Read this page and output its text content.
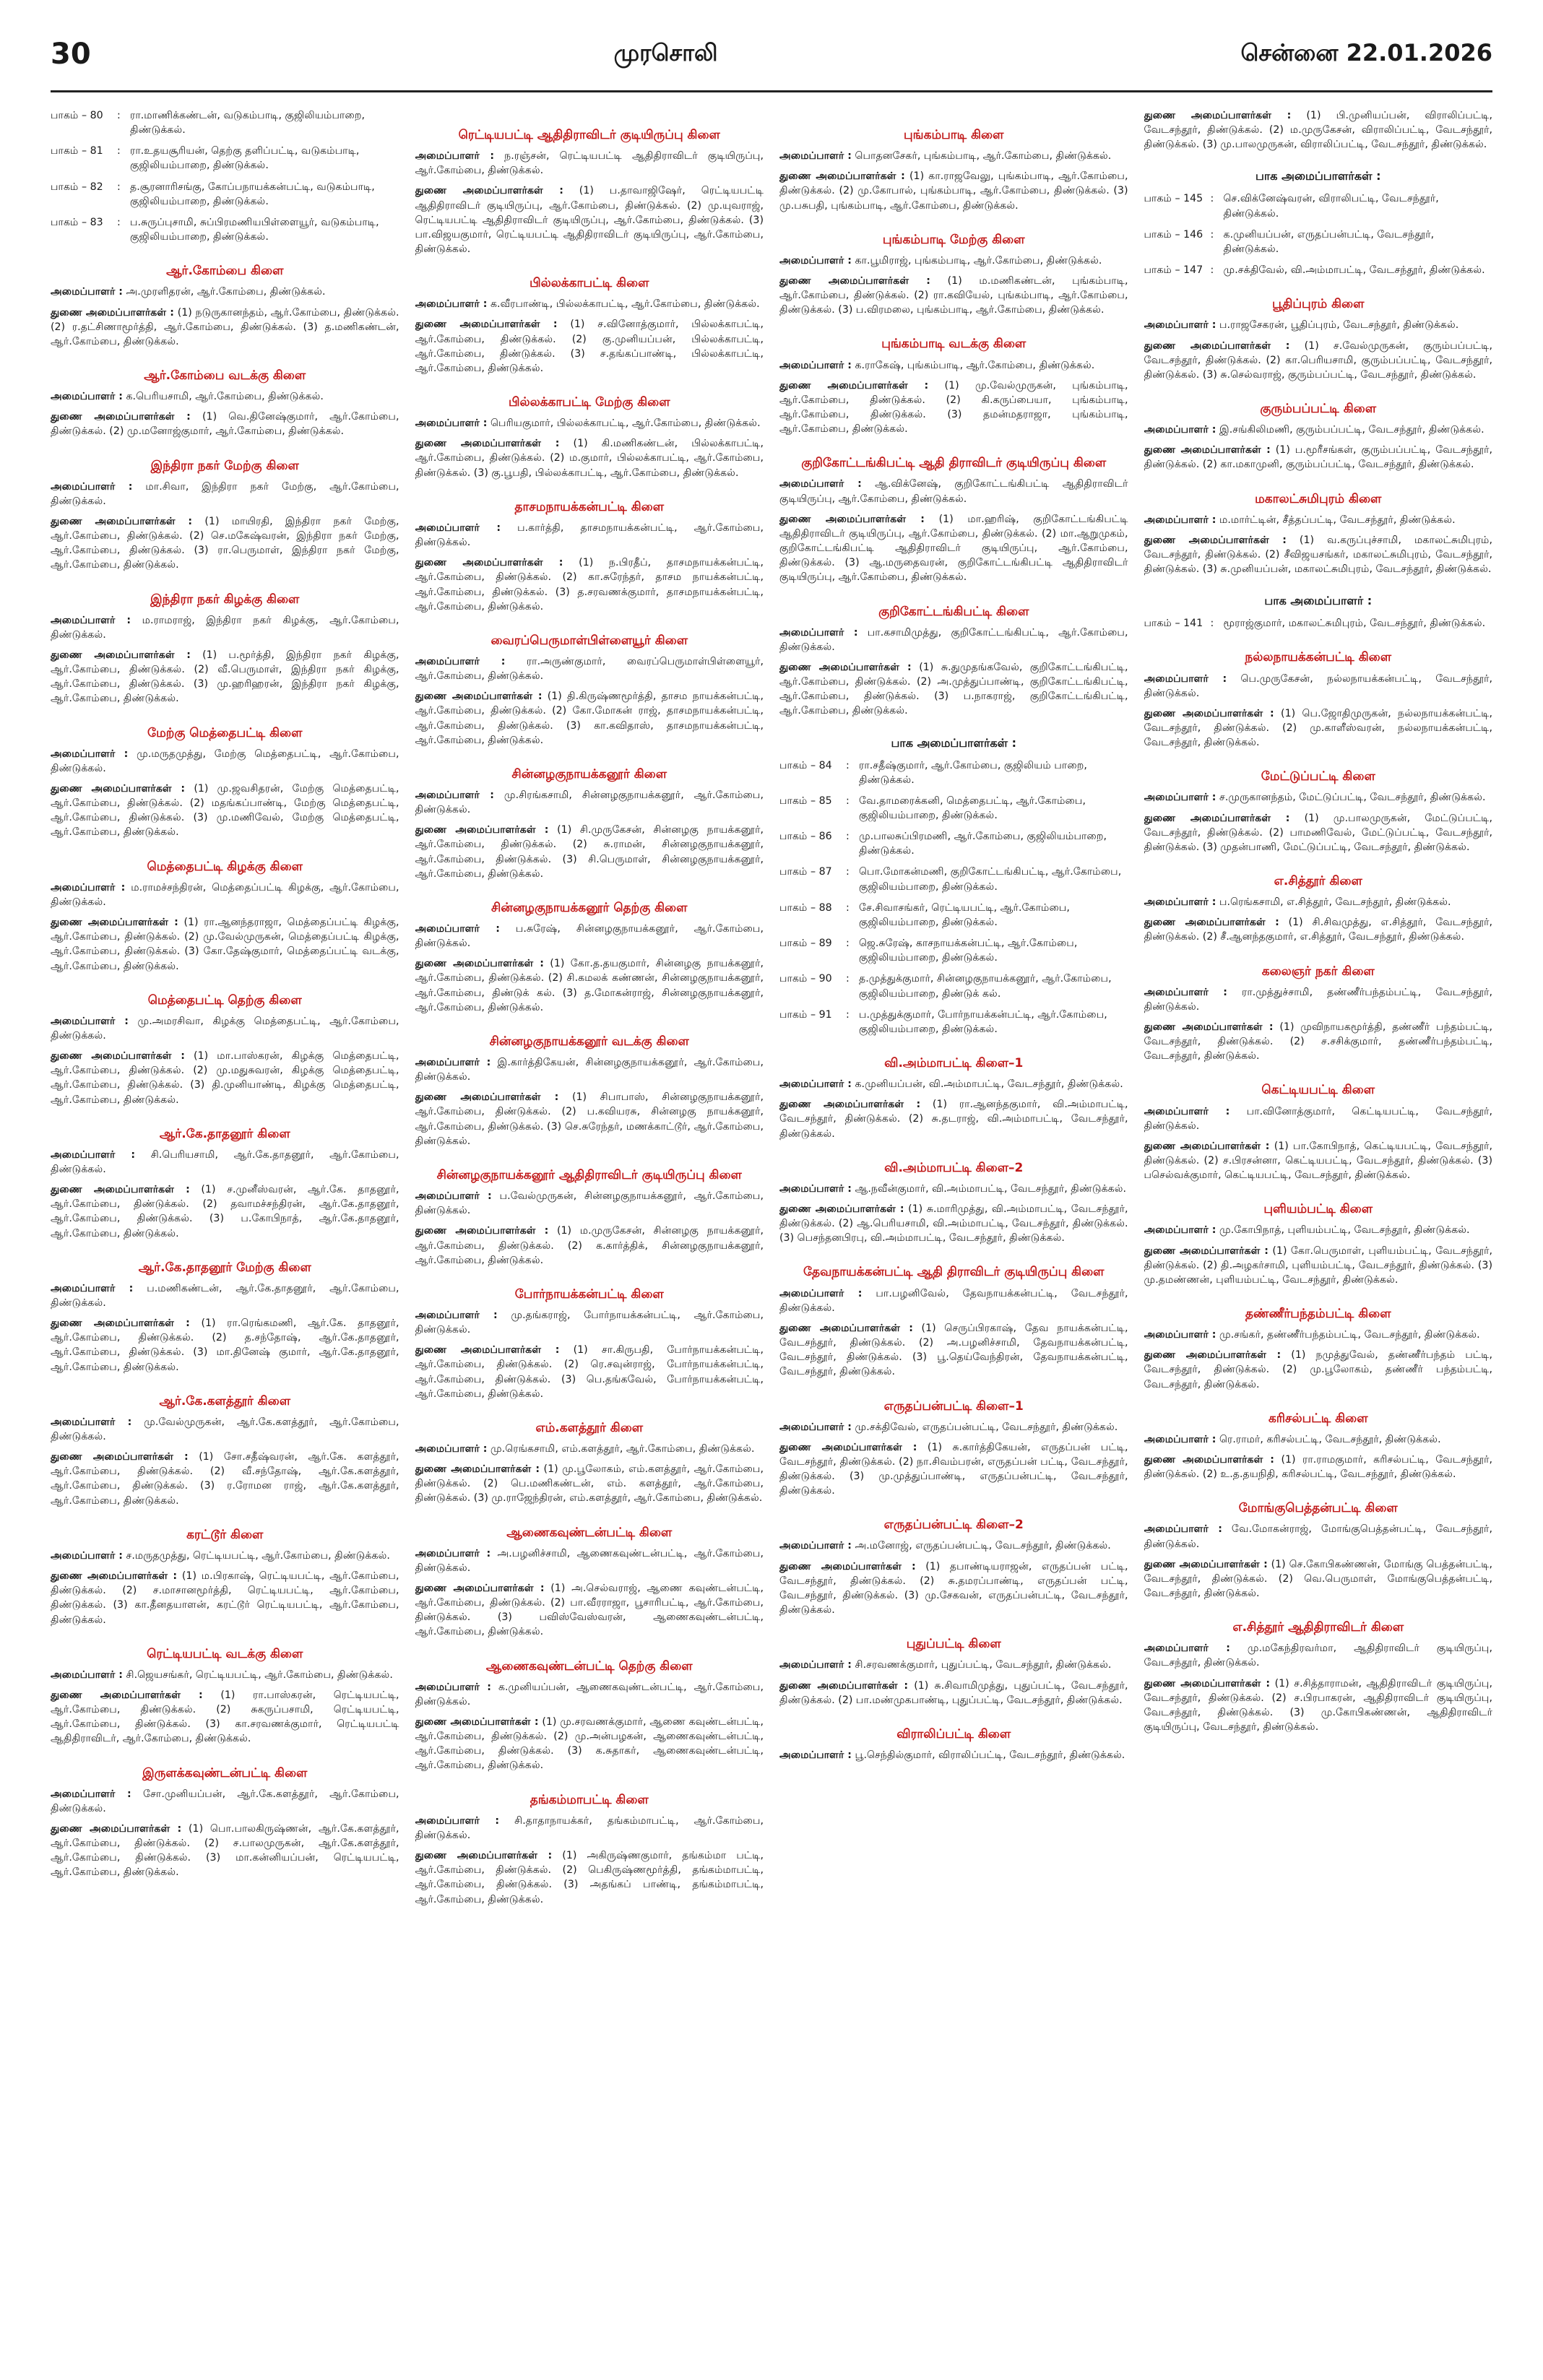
30	முரசொலி	சென்னை 22.01.2026
பாகம் – 80	: ரா.மாணிக்கண்டன், வடுகம்பாடி, குஜிலியம்பாறை, திண்டுக்கல்.
பாகம் – 81	: ரா.உதயசூரியன், தெற்கு தளிப்பட்டி, வடுகம்பாடி, குஜிலியம்பாறை, திண்டுக்கல்.
பாகம் – 82	: த.சூரனாரிசங்கு, கோப்பநாயக்கன்பட்டி, வடுகம்பாடி, குஜிலியம்பாறை, திண்டுக்கல்.
பாகம் – 83	: ப.சுருப்புசாமி, சுப்பிரமணியபிள்ளையூர், வடுகம்பாடி, குஜிலியம்பாறை, திண்டுக்கல்.
ஆர்.கோம்பை கிளை
அமைப்பாளர் : அ.முரளிதரன், ஆர்.கோம்பை, திண்டுக்கல்.
துணை அமைப்பாளர்கள் : (1) நடுருகானந்தம், ஆர்.கோம்பை, திண்டுக்கல். (2) ர.தட்சிணாமூர்த்தி, ஆர்.கோம்பை, திண்டுக்கல். (3) த.மணிகண்டன், ஆர்.கோம்பை, திண்டுக்கல்.
ஆர்.கோம்பை வடக்கு கிளை
அமைப்பாளர் : க.பெரியசாமி, ஆர்.கோம்பை, திண்டுக்கல்.
துணை அமைப்பாளர்கள் : (1) வெ.தினேஷ்குமார், ஆர்.கோம்பை, திண்டுக்கல். (2) மு.மனோஜ்குமார், ஆர்.கோம்பை, திண்டுக்கல்.
இந்திரா நகர் மேற்கு கிளை
அமைப்பாளர் : மா.சிவா, இந்திரா நகர் மேற்கு, ஆர்.கோம்பை, திண்டுக்கல்.
துணை அமைப்பாளர்கள் : (1) மாயிரதி, இந்திரா நகர் மேற்கு, ஆர்.கோம்பை, திண்டுக்கல். (2) செ.மகேஷ்வரன், இந்திரா நகர் மேற்கு, ஆர்.கோம்பை, திண்டுக்கல். (3) ரா.பெருமாள், இந்திரா நகர் மேற்கு, ஆர்.கோம்பை, திண்டுக்கல்.
இந்திரா நகர் கிழக்கு கிளை
அமைப்பாளர் : ம.ராமராஜ், இந்திரா நகர் கிழக்கு, ஆர்.கோம்பை, திண்டுக்கல்.
துணை அமைப்பாளர்கள் : (1) ப.மூர்த்தி, இந்திரா நகர் கிழக்கு, ஆர்.கோம்பை, திண்டுக்கல். (2) வீ.பெருமாள், இந்திரா நகர் கிழக்கு, ஆர்.கோம்பை, திண்டுக்கல். (3) மு.ஹரிஹரன், இந்திரா நகர் கிழக்கு, ஆர்.கோம்பை, திண்டுக்கல்.
மேற்கு மெத்தைபட்டி கிளை
அமைப்பாளர் : மு.மருதமுத்து, மேற்கு மெத்தைபட்டி, ஆர்.கோம்பை, திண்டுக்கல்.
துணை அமைப்பாளர்கள் : (1) மு.ஜவசிதரன், மேற்கு மெத்தைபட்டி, ஆர்.கோம்பை, திண்டுக்கல். (2) மதங்கப்பாண்டி, மேற்கு மெத்தைபட்டி, ஆர்.கோம்பை, திண்டுக்கல். (3) மு.மணிவேல், மேற்கு மெத்தைபட்டி, ஆர்.கோம்பை, திண்டுக்கல்.
மெத்தைபட்டி கிழக்கு கிளை
அமைப்பாளர் : ம.ராமச்சந்திரன், மெத்தைப்பட்டி கிழக்கு, ஆர்.கோம்பை, திண்டுக்கல்.
துணை அமைப்பாளர்கள் : (1) ரா.ஆனந்தராஜா, மெத்தைப்பட்டி கிழக்கு, ஆர்.கோம்பை, திண்டுக்கல். (2) மு.வேல்முருகன், மெத்தைப்பட்டி கிழக்கு, ஆர்.கோம்பை, திண்டுக்கல். (3) கோ.தேஷ்குமார், மெத்தைப்பட்டி வடக்கு, ஆர்.கோம்பை, திண்டுக்கல்.
மெத்தைபட்டி தெற்கு கிளை
அமைப்பாளர் : மு.அமரசிவா, கிழக்கு மெத்தைபட்டி, ஆர்.கோம்பை, திண்டுக்கல்.
துணை அமைப்பாளர்கள் : (1) மா.பாஸ்கரன், கிழக்கு மெத்தைபட்டி, ஆர்.கோம்பை, திண்டுக்கல். (2) மு.மதுசுவரன், கிழக்கு மெத்தைபட்டி, ஆர்.கோம்பை, திண்டுக்கல். (3) தி.முனியாண்டி, கிழக்கு மெத்தைபட்டி, ஆர்.கோம்பை, திண்டுக்கல்.
ஆர்.கே.தாதனூர் கிளை
அமைப்பாளர் : சி.பெரியசாமி, ஆர்.கே.தாதனூர், ஆர்.கோம்பை, திண்டுக்கல்.
துணை அமைப்பாளர்கள் : (1) ச.முனீஸ்வரன், ஆர்.கே. தாதனூர், ஆர்.கோம்பை, திண்டுக்கல். (2) தவாமச்சந்திரன், ஆர்.கே.தாதனூர், ஆர்.கோம்பை, திண்டுக்கல். (3) ப.கோபிநாத், ஆர்.கே.தாதனூர், ஆர்.கோம்பை, திண்டுக்கல்.
ஆர்.கே.தாதனூர் மேற்கு கிளை
அமைப்பாளர் : ப.மணிகண்டன், ஆர்.கே.தாதனூர், ஆர்.கோம்பை, திண்டுக்கல்.
துணை அமைப்பாளர்கள் : (1) ரா.ரெங்கமணி, ஆர்.கே. தாதனூர், ஆர்.கோம்பை, திண்டுக்கல். (2) த.சந்தோஷ், ஆர்.கே.தாதனூர், ஆர்.கோம்பை, திண்டுக்கல். (3) மா.தினேஷ் குமார், ஆர்.கே.தாதனூர், ஆர்.கோம்பை, திண்டுக்கல்.
ஆர்.கே.களத்தூர் கிளை
அமைப்பாளர் : மு.வேல்முருகன், ஆர்.கே.களத்தூர், ஆர்.கோம்பை, திண்டுக்கல்.
துணை அமைப்பாளர்கள் : (1) சோ.சதீஷ்வரன், ஆர்.கே. களத்தூர், ஆர்.கோம்பை, திண்டுக்கல். (2) வீ.சந்தோஷ், ஆர்.கே.களத்தூர், ஆர்.கோம்பை, திண்டுக்கல். (3) ர.ரோமன ராஜ், ஆர்.கே.களத்தூர், ஆர்.கோம்பை, திண்டுக்கல்.
கரட்டூர் கிளை
அமைப்பாளர் : ச.மருதமுத்து, ரெட்டியபட்டி, ஆர்.கோம்பை, திண்டுக்கல்.
துணை அமைப்பாளர்கள் : (1) ம.பிரகாஷ், ரெட்டியபட்டி, ஆர்.கோம்பை, திண்டுக்கல். (2) ச.மாசானமூர்த்தி, ரெட்டியபட்டி, ஆர்.கோம்பை, திண்டுக்கல். (3) கா.தீனதயாளன், கரட்டூர் ரெட்டியபட்டி, ஆர்.கோம்பை, திண்டுக்கல்.
ரெட்டியபட்டி வடக்கு கிளை
அமைப்பாளர் : சி.ஜெயசங்கர், ரெட்டியபட்டி, ஆர்.கோம்பை, திண்டுக்கல்.
துணை அமைப்பாளர்கள் : (1) ரா.பாஸ்கரன், ரெட்டியபட்டி, ஆர்.கோம்பை, திண்டுக்கல். (2) சுகருப்பசாமி, ரெட்டியபட்டி, ஆர்.கோம்பை, திண்டுக்கல். (3) கா.சரவணக்குமார், ரெட்டியபட்டி ஆதிதிராவிடர், ஆர்.கோம்பை, திண்டுக்கல்.
இருளக்கவுண்டன்பட்டி கிளை
அமைப்பாளர் : சோ.முனியப்பன், ஆர்.கே.களத்தூர், ஆர்.கோம்பை, திண்டுக்கல்.
துணை அமைப்பாளர்கள் : (1) பொ.பாலகிருஷ்ணன், ஆர்.கே.களத்தூர், ஆர்.கோம்பை, திண்டுக்கல். (2) ச.பாலமுருகன், ஆர்.கே.களத்தூர், ஆர்.கோம்பை, திண்டுக்கல். (3) மா.கன்னியப்பன், ரெட்டியபட்டி, ஆர்.கோம்பை, திண்டுக்கல்.
ரெட்டியபட்டி ஆதிதிராவிடர் குடியிருப்பு கிளை
அமைப்பாளர் : ந.ரஞ்சன், ரெட்டியபட்டி ஆதிதிராவிடர் குடியிருப்பு, ஆர்.கோம்பை, திண்டுக்கல்.
துணை அமைப்பாளர்கள் : (1) ப.தாவாஜிஷேர், ரெட்டியபட்டி ஆதிதிராவிடர் குடியிருப்பு, ஆர்.கோம்பை, திண்டுக்கல். (2) மு.யுவராஜ், ரெட்டியபட்டி ஆதிதிராவிடர் குடியிருப்பு, ஆர்.கோம்பை, திண்டுக்கல். (3) பா.விஜயகுமார், ரெட்டியபட்டி ஆதிதிராவிடர் குடியிருப்பு, ஆர்.கோம்பை, திண்டுக்கல்.
பில்லக்காபட்டி கிளை
அமைப்பாளர் : க.வீரபாண்டி, பில்லக்காபட்டி, ஆர்.கோம்பை, திண்டுக்கல்.
துணை அமைப்பாளர்கள் : (1) ச.வினோத்குமார், பில்லக்காபட்டி, ஆர்.கோம்பை, திண்டுக்கல். (2) கு.முனியப்பன், பில்லக்காபட்டி, ஆர்.கோம்பை, திண்டுக்கல். (3) ச.தங்கப்பாண்டி, பில்லக்காபட்டி, ஆர்.கோம்பை, திண்டுக்கல்.
பில்லக்காபட்டி மேற்கு கிளை
அமைப்பாளர் : பெரியகுமார், பில்லக்காபட்டி, ஆர்.கோம்பை, திண்டுக்கல்.
துணை அமைப்பாளர்கள் : (1) கி.மணிகண்டன், பில்லக்காபட்டி, ஆர்.கோம்பை, திண்டுக்கல். (2) ம.குமார், பில்லக்காபட்டி, ஆர்.கோம்பை, திண்டுக்கல். (3) கு.பூபதி, பில்லக்காபட்டி, ஆர்.கோம்பை, திண்டுக்கல்.
தாசமநாயக்கன்பட்டி கிளை
அமைப்பாளர் : ப.கார்த்தி, தாசமநாயக்கன்பட்டி, ஆர்.கோம்பை, திண்டுக்கல்.
துணை அமைப்பாளர்கள் : (1) ந.பிரதீப், தாசமநாயக்கன்பட்டி, ஆர்.கோம்பை, திண்டுக்கல். (2) கா.சுரேந்தர், தாசம நாயக்கன்பட்டி, ஆர்.கோம்பை, திண்டுக்கல். (3) த.சரவணக்குமார், தாசமநாயக்கன்பட்டி, ஆர்.கோம்பை, திண்டுக்கல்.
வைரப்பெருமாள்பிள்ளையூர் கிளை
அமைப்பாளர் : ரா.அருண்குமார், வைரப்பெருமாள்பிள்ளையூர், ஆர்.கோம்பை, திண்டுக்கல்.
துணை அமைப்பாளர்கள் : (1) தி.கிருஷ்ணமூர்த்தி, தாசம நாயக்கன்பட்டி, ஆர்.கோம்பை, திண்டுக்கல். (2) கோ.மோகன் ராஜ், தாசமநாயக்கன்பட்டி, ஆர்.கோம்பை, திண்டுக்கல். (3) கா.கவிதாஸ், தாசமநாயக்கன்பட்டி, ஆர்.கோம்பை, திண்டுக்கல்.
சின்னழகுநாயக்கனூர் கிளை
அமைப்பாளர் : மு.சிரங்கசாமி, சின்னழகுநாயக்கனூர், ஆர்.கோம்பை, திண்டுக்கல்.
துணை அமைப்பாளர்கள் : (1) சி.முருகேசன், சின்னழகு நாயக்கனூர், ஆர்.கோம்பை, திண்டுக்கல். (2) சு.ராமன், சின்னழகுநாயக்கனூர், ஆர்.கோம்பை, திண்டுக்கல். (3) சி.பெருமாள், சின்னழகுநாயக்கனூர், ஆர்.கோம்பை, திண்டுக்கல்.
சின்னழகுநாயக்கனூர் தெற்கு கிளை
அமைப்பாளர் : ப.சுரேஷ், சின்னழகுநாயக்கனூர், ஆர்.கோம்பை, திண்டுக்கல்.
துணை அமைப்பாளர்கள் : (1) கோ.த.தயகுமார், சின்னழகு நாயக்கனூர், ஆர்.கோம்பை, திண்டுக்கல். (2) சி.கமலக் கண்ணன், சின்னழகுநாயக்கனூர், ஆர்.கோம்பை, திண்டுக் கல். (3) த.மோகன்ராஜ், சின்னழகுநாயக்கனூர், ஆர்.கோம்பை, திண்டுக்கல்.
சின்னழகுநாயக்கனூர் வடக்கு கிளை
அமைப்பாளர் : இ.கார்த்திகேயன், சின்னழகுநாயக்கனூர், ஆர்.கோம்பை, திண்டுக்கல்.
துணை அமைப்பாளர்கள் : (1) சிபாபாஸ், சின்னழகுநாயக்கனூர், ஆர்.கோம்பை, திண்டுக்கல். (2) ப.கவியரசு, சின்னழகு நாயக்கனூர், ஆர்.கோம்பை, திண்டுக்கல். (3) செ.சுரேந்தர், மணக்காட்டூர், ஆர்.கோம்பை, திண்டுக்கல்.
சின்னழகுநாயக்கனூர் ஆதிதிராவிடர் குடியிருப்பு கிளை
அமைப்பாளர் : ப.வேல்முருகன், சின்னழகுநாயக்கனூர், ஆர்.கோம்பை, திண்டுக்கல்.
துணை அமைப்பாளர்கள் : (1) ம.முருகேசன், சின்னழகு நாயக்கனூர், ஆர்.கோம்பை, திண்டுக்கல். (2) க.கார்த்திக், சின்னழகுநாயக்கனூர், ஆர்.கோம்பை, திண்டுக்கல்.
போர்நாயக்கன்பட்டி கிளை
அமைப்பாளர் : மு.தங்கராஜ், போர்நாயக்கன்பட்டி, ஆர்.கோம்பை, திண்டுக்கல்.
துணை அமைப்பாளர்கள் : (1) சா.கிருபதி, போர்நாயக்கன்பட்டி, ஆர்.கோம்பை, திண்டுக்கல். (2) ரெ.சவுன்ராஜ், போர்நாயக்கன்பட்டி, ஆர்.கோம்பை, திண்டுக்கல். (3) பெ.தங்கவேல், போர்நாயக்கன்பட்டி, ஆர்.கோம்பை, திண்டுக்கல்.
எம்.களத்தூர் கிளை
அமைப்பாளர் : மு.ரெங்கசாமி, எம்.களத்தூர், ஆர்.கோம்பை, திண்டுக்கல்.
துணை அமைப்பாளர்கள் : (1) மு.பூலோகம், எம்.களத்தூர், ஆர்.கோம்பை, திண்டுக்கல். (2) பெ.மணிகண்டன், எம். களத்தூர், ஆர்.கோம்பை, திண்டுக்கல். (3) மு.ராஜேந்திரன், எம்.களத்தூர், ஆர்.கோம்பை, திண்டுக்கல்.
ஆணைகவுண்டன்பட்டி கிளை
அமைப்பாளர் : அ.பழனிச்சாமி, ஆணைகவுண்டன்பட்டி, ஆர்.கோம்பை, திண்டுக்கல்.
துணை அமைப்பாளர்கள் : (1) அ.செல்வராஜ், ஆணை கவுண்டன்பட்டி, ஆர்.கோம்பை, திண்டுக்கல். (2) பா.வீரராஜா, பூசாரிபட்டி, ஆர்.கோம்பை, திண்டுக்கல். (3) பவிஸ்வேஸ்வரன், ஆணைகவுண்டன்பட்டி, ஆர்.கோம்பை, திண்டுக்கல்.
ஆணைகவுண்டன்பட்டி தெற்கு கிளை
அமைப்பாளர் : க.முனியப்பன், ஆணைகவுண்டன்பட்டி, ஆர்.கோம்பை, திண்டுக்கல்.
துணை அமைப்பாளர்கள் : (1) மு.சரவணக்குமார், ஆணை கவுண்டன்பட்டி, ஆர்.கோம்பை, திண்டுக்கல். (2) மு.அன்பழகன், ஆணைகவுண்டன்பட்டி, ஆர்.கோம்பை, திண்டுக்கல். (3) க.சுதாகர், ஆணைகவுண்டன்பட்டி, ஆர்.கோம்பை, திண்டுக்கல்.
தங்கம்மாபட்டி கிளை
அமைப்பாளர் : சி.தாதாநாயக்கர், தங்கம்மாபட்டி, ஆர்.கோம்பை, திண்டுக்கல்.
துணை அமைப்பாளர்கள் : (1) அகிருஷ்ணகுமார், தங்கம்மா பட்டி, ஆர்.கோம்பை, திண்டுக்கல். (2) பெகிருஷ்ணமூர்த்தி, தங்கம்மாபட்டி, ஆர்.கோம்பை, திண்டுக்கல். (3) அதங்கப் பாண்டி, தங்கம்மாபட்டி, ஆர்.கோம்பை, திண்டுக்கல்.
புங்கம்பாடி கிளை
அமைப்பாளர் : பொதனசேகர், புங்கம்பாடி, ஆர்.கோம்பை, திண்டுக்கல்.
துணை அமைப்பாளர்கள் : (1) கா.ராஜவேலு, புங்கம்பாடி, ஆர்.கோம்பை, திண்டுக்கல். (2) மு.கோபால், புங்கம்பாடி, ஆர்.கோம்பை, திண்டுக்கல். (3) மு.பசுபதி, புங்கம்பாடி, ஆர்.கோம்பை, திண்டுக்கல்.
புங்கம்பாடி மேற்கு கிளை
அமைப்பாளர் : கா.பூமிராஜ், புங்கம்பாடி, ஆர்.கோம்பை, திண்டுக்கல்.
துணை அமைப்பாளர்கள் : (1) ம.மணிகண்டன், புங்கம்பாடி, ஆர்.கோம்பை, திண்டுக்கல். (2) ரா.கவியேல், புங்கம்பாடி, ஆர்.கோம்பை, திண்டுக்கல். (3) ப.விரமலை, புங்கம்பாடி, ஆர்.கோம்பை, திண்டுக்கல்.
புங்கம்பாடி வடக்கு கிளை
அமைப்பாளர் : க.ராகேஷ், புங்கம்பாடி, ஆர்.கோம்பை, திண்டுக்கல்.
துணை அமைப்பாளர்கள் : (1) மு.வேல்முருகன், புங்கம்பாடி, ஆர்.கோம்பை, திண்டுக்கல். (2) கி.கருப்பையா, புங்கம்பாடி, ஆர்.கோம்பை, திண்டுக்கல். (3) தமன்மதராஜா, புங்கம்பாடி, ஆர்.கோம்பை, திண்டுக்கல்.
குறிகோட்டங்கிபட்டி ஆதி திராவிடர் குடியிருப்பு கிளை
அமைப்பாளர் : ஆ.விக்னேஷ், குறிகோட்டங்கிபட்டி ஆதிதிராவிடர் குடியிருப்பு, ஆர்.கோம்பை, திண்டுக்கல்.
துணை அமைப்பாளர்கள் : (1) மா.ஹரிஷ், குறிகோட்டங்கிபட்டி ஆதிதிராவிடர் குடியிருப்பு, ஆர்.கோம்பை, திண்டுக்கல். (2) மா.ஆறுமுகம், குறிகோட்டங்கிபட்டி ஆதிதிராவிடர் குடியிருப்பு, ஆர்.கோம்பை, திண்டுக்கல். (3) ஆ.மருதைவரன், குறிகோட்டங்கிபட்டி ஆதிதிராவிடர் குடியிருப்பு, ஆர்.கோம்பை, திண்டுக்கல்.
குறிகோட்டங்கிபட்டி கிளை
அமைப்பாளர் : பா.கசாமிமுத்து, குறிகோட்டங்கிபட்டி, ஆர்.கோம்பை, திண்டுக்கல்.
துணை அமைப்பாளர்கள் : (1) சு.துமுதங்கவேல், குறிகோட்டங்கிபட்டி, ஆர்.கோம்பை, திண்டுக்கல். (2) அ.முத்துப்பாண்டி, குறிகோட்டங்கிபட்டி, ஆர்.கோம்பை, திண்டுக்கல். (3) ப.நாகராஜ், குறிகோட்டங்கிபட்டி, ஆர்.கோம்பை, திண்டுக்கல்.
பாக அமைப்பாளர்கள் :
பாகம் – 84	: ரா.சதீஷ்குமார், ஆர்.கோம்பை, குஜிலியம் பாறை, திண்டுக்கல்.
பாகம் – 85	: வே.தாமரைக்கனி, மெத்தைபட்டி, ஆர்.கோம்பை, குஜிலியம்பாறை, திண்டுக்கல்.
பாகம் – 86	: மு.பாலசுப்பிரமணி, ஆர்.கோம்பை, குஜிலியம்பாறை, திண்டுக்கல்.
பாகம் – 87	: பொ.மோகன்மணி, குறிகோட்டங்கிபட்டி, ஆர்.கோம்பை, குஜிலியம்பாறை, திண்டுக்கல்.
பாகம் – 88	: சே.சிவாசங்கர், ரெட்டியபட்டி, ஆர்.கோம்பை, குஜிலியம்பாறை, திண்டுக்கல்.
பாகம் – 89	: ஜெ.சுரேஷ், காசநாயக்கன்பட்டி, ஆர்.கோம்பை, குஜிலியம்பாறை, திண்டுக்கல்.
பாகம் – 90	: த.முத்துக்குமார், சின்னழகுநாயக்கனூர், ஆர்.கோம்பை, குஜிலியம்பாறை, திண்டுக் கல்.
பாகம் – 91	: ப.முத்துக்குமார், போர்நாயக்கன்பட்டி, ஆர்.கோம்பை, குஜிலியம்பாறை, திண்டுக்கல்.
வி.அம்மாபட்டி கிளை–1
அமைப்பாளர் : க.முனியப்பன், வி.அம்மாபட்டி, வேடசந்தூர், திண்டுக்கல்.
துணை அமைப்பாளர்கள் : (1) ரா.ஆனந்தகுமார், வி.அம்மாபட்டி, வேடசந்தூர், திண்டுக்கல். (2) சு.தடராஜ், வி.அம்மாபட்டி, வேடசந்தூர், திண்டுக்கல்.
வி.அம்மாபட்டி கிளை–2
அமைப்பாளர் : ஆ.நவீன்குமார், வி.அம்மாபட்டி, வேடசந்தூர், திண்டுக்கல்.
துணை அமைப்பாளர்கள் : (1) சு.மாரிமுத்து, வி.அம்மாபட்டி, வேடசந்தூர், திண்டுக்கல். (2) ஆ.பெரியசாமி, வி.அம்மாபட்டி, வேடசந்தூர், திண்டுக்கல். (3) பெசந்தனபிரபு, வி.அம்மாபட்டி, வேடசந்தூர், திண்டுக்கல்.
தேவநாயக்கன்பட்டி ஆதி திராவிடர் குடியிருப்பு கிளை
அமைப்பாளர் : பா.பழனிவேல், தேவநாயக்கன்பட்டி, வேடசந்தூர், திண்டுக்கல்.
துணை அமைப்பாளர்கள் : (1) செருப்பிரகாஷ், தேவ நாயக்கன்பட்டி, வேடசந்தூர், திண்டுக்கல். (2) அ.பழனிச்சாமி, தேவநாயக்கன்பட்டி, வேடசந்தூர், திண்டுக்கல். (3) பூ.தெய்வேந்திரன், தேவநாயக்கன்பட்டி, வேடசந்தூர், திண்டுக்கல்.
எருதப்பன்பட்டி கிளை–1
அமைப்பாளர் : மு.சக்திவேல், எருதப்பன்பட்டி, வேடசந்தூர், திண்டுக்கல்.
துணை அமைப்பாளர்கள் : (1) சு.கார்த்திகேயன், எருதப்பன் பட்டி, வேடசந்தூர், திண்டுக்கல். (2) நா.சிவம்பரன், எருதப்பன் பட்டி, வேடசந்தூர், திண்டுக்கல். (3) மு.முத்துப்பாண்டி, எருதப்பன்பட்டி, வேடசந்தூர், திண்டுக்கல்.
எருதப்பன்பட்டி கிளை–2
அமைப்பாளர் : அ.மனோஜ், எருதப்பன்பட்டி, வேடசந்தூர், திண்டுக்கல்.
துணை அமைப்பாளர்கள் : (1) தபாண்டியராஜன், எருதப்பன் பட்டி, வேடசந்தூர், திண்டுக்கல். (2) சு.தமரப்பாண்டி, எருதப்பன் பட்டி, வேடசந்தூர், திண்டுக்கல். (3) மு.சேகவன், எருதப்பன்பட்டி, வேடசந்தூர், திண்டுக்கல்.
புதுப்பட்டி கிளை
அமைப்பாளர் : சி.சரவணக்குமார், புதுப்பட்டி, வேடசந்தூர், திண்டுக்கல்.
துணை அமைப்பாளர்கள் : (1) சு.சிவாமிமுத்து, புதுப்பட்டி, வேடசந்தூர், திண்டுக்கல். (2) பா.மண்முகபாண்டி, புதுப்பட்டி, வேடசந்தூர், திண்டுக்கல்.
விராலிப்பட்டி கிளை
அமைப்பாளர் : பூ.செந்தில்குமார், விராலிப்பட்டி, வேடசந்தூர், திண்டுக்கல்.
துணை அமைப்பாளர்கள் : (1) பி.முனியப்பன், விராலிப்பட்டி, வேடசந்தூர், திண்டுக்கல். (2) ம.முருகேசன், விராலிப்பட்டி, வேடசந்தூர், திண்டுக்கல். (3) மு.பாலமுருகன், விராலிப்பட்டி, வேடசந்தூர், திண்டுக்கல்.
பாக அமைப்பாளர்கள் :
பாகம் – 145 : செ.விக்னேஷ்வரன், விராலிபட்டி, வேடசந்தூர், திண்டுக்கல்.
பாகம் – 146 : க.முனியப்பன், எருதப்பன்பட்டி, வேடசந்தூர், திண்டுக்கல்.
பாகம் – 147 : மு.சக்திவேல், வி.அம்மாபட்டி, வேடசந்தூர், திண்டுக்கல்.
பூதிப்புரம் கிளை
அமைப்பாளர் : ப.ராஜசேகரன், பூதிப்புரம், வேடசந்தூர், திண்டுக்கல்.
துணை அமைப்பாளர்கள் : (1) ச.வேல்முருகன், குரும்பப்பட்டி, வேடசந்தூர், திண்டுக்கல். (2) கா.பெரியசாமி, குரும்பப்பட்டி, வேடசந்தூர், திண்டுக்கல். (3) சு.செல்வராஜ், குரும்பப்பட்டி, வேடசந்தூர், திண்டுக்கல்.
குரும்பப்பட்டி கிளை
அமைப்பாளர் : இ.சங்கிலிமணி, குரும்பப்பட்டி, வேடசந்தூர், திண்டுக்கல்.
துணை அமைப்பாளர்கள் : (1) ப.மூரீசங்கள், குரும்பப்பட்டி, வேடசந்தூர், திண்டுக்கல். (2) கா.மகாமுனி, குரும்பப்பட்டி, வேடசந்தூர், திண்டுக்கல்.
மகாலட்சுமிபுரம் கிளை
அமைப்பாளர் : ம.மார்ட்டின், சீத்தப்பட்டி, வேடசந்தூர், திண்டுக்கல்.
துணை அமைப்பாளர்கள் : (1) வ.கருப்புச்சாமி, மகாலட்சுமிபுரம், வேடசந்தூர், திண்டுக்கல். (2) சீவிஜயசங்கர், மகாலட்சுமிபுரம், வேடசந்தூர், திண்டுக்கல். (3) சு.முனியப்பன், மகாலட்சுமிபுரம், வேடசந்தூர், திண்டுக்கல்.
பாக அமைப்பாளர் :
பாகம் – 141 : மூராஜ்குமார், மகாலட்சுமிபுரம், வேடசந்தூர், திண்டுக்கல்.
நல்லநாயக்கன்பட்டி கிளை
அமைப்பாளர் : பெ.முருகேசன், நல்லநாயக்கன்பட்டி, வேடசந்தூர், திண்டுக்கல்.
துணை அமைப்பாளர்கள் : (1) பெ.ஜோதிமுருகன், நல்லநாயக்கன்பட்டி, வேடசந்தூர், திண்டுக்கல். (2) மு.காளீஸ்வரன், நல்லநாயக்கன்பட்டி, வேடசந்தூர், திண்டுக்கல்.
மேட்டுப்பட்டி கிளை
அமைப்பாளர் : ச.முருகானந்தம், மேட்டுப்பட்டி, வேடசந்தூர், திண்டுக்கல்.
துணை அமைப்பாளர்கள் : (1) மு.பாலமுருகன், மேட்டுப்பட்டி, வேடசந்தூர், திண்டுக்கல். (2) பாமணிவேல், மேட்டுப்பட்டி, வேடசந்தூர், திண்டுக்கல். (3) முதன்பாணி, மேட்டுப்பட்டி, வேடசந்தூர், திண்டுக்கல்.
எ.சித்தூர் கிளை
அமைப்பாளர் : ப.ரெங்கசாமி, எ.சித்தூர், வேடசந்தூர், திண்டுக்கல்.
துணை அமைப்பாளர்கள் : (1) சி.சிவமுத்து, எ.சித்தூர், வேடசந்தூர், திண்டுக்கல். (2) சீ.ஆனந்தகுமார், எ.சித்தூர், வேடசந்தூர், திண்டுக்கல்.
கலைஞர் நகர் கிளை
அமைப்பாளர் : ரா.முத்துச்சாமி, தண்ணீர்பந்தம்பட்டி, வேடசந்தூர், திண்டுக்கல்.
துணை அமைப்பாளர்கள் : (1) முவிநாயகமூர்த்தி, தண்ணீர் பந்தம்பட்டி, வேடசந்தூர், திண்டுக்கல். (2) ச.சசிக்குமார், தண்ணீர்பந்தம்பட்டி, வேடசந்தூர், திண்டுக்கல்.
கெட்டியபட்டி கிளை
அமைப்பாளர் : பா.வினோத்குமார், கெட்டியபட்டி, வேடசந்தூர், திண்டுக்கல்.
துணை அமைப்பாளர்கள் : (1) பா.கோபிநாத், கெட்டியபட்டி, வேடசந்தூர், திண்டுக்கல். (2) ச.பிரசன்னா, கெட்டியபட்டி, வேடசந்தூர், திண்டுக்கல். (3) பசெல்வக்குமார், கெட்டியபட்டி, வேடசந்தூர், திண்டுக்கல்.
புளியம்பட்டி கிளை
அமைப்பாளர் : மு.கோபிநாத், புளியம்பட்டி, வேடசந்தூர், திண்டுக்கல்.
துணை அமைப்பாளர்கள் : (1) கோ.பெருமாள், புளியம்பட்டி, வேடசந்தூர், திண்டுக்கல். (2) தி.அழகர்சாமி, புளியம்பட்டி, வேடசந்தூர், திண்டுக்கல். (3) மு.தமண்ணன், புளியம்பட்டி, வேடசந்தூர், திண்டுக்கல்.
தண்ணீர்பந்தம்பட்டி கிளை
அமைப்பாளர் : மு.சங்கர், தண்ணீர்பந்தம்பட்டி, வேடசந்தூர், திண்டுக்கல்.
துணை அமைப்பாளர்கள் : (1) நமுத்துவேல், தண்ணீர்பந்தம் பட்டி, வேடசந்தூர், திண்டுக்கல். (2) மு.பூலோகம், தண்ணீர் பந்தம்பட்டி, வேடசந்தூர், திண்டுக்கல்.
கரிசல்பட்டி கிளை
அமைப்பாளர் : ரெ.ராமர், கரிசல்பட்டி, வேடசந்தூர், திண்டுக்கல்.
துணை அமைப்பாளர்கள் : (1) ரா.ராமகுமார், கரிசல்பட்டி, வேடசந்தூர், திண்டுக்கல். (2) உ.த.தயநிதி, கரிசல்பட்டி, வேடசந்தூர், திண்டுக்கல்.
மோங்குபெத்தன்பட்டி கிளை
அமைப்பாளர் : வே.மோகன்ராஜ், மோங்குபெத்தன்பட்டி, வேடசந்தூர், திண்டுக்கல்.
துணை அமைப்பாளர்கள் : (1) செ.கோபிகண்ணன், மோங்கு பெத்தன்பட்டி, வேடசந்தூர், திண்டுக்கல். (2) வெ.பெருமாள், மோங்குபெத்தன்பட்டி, வேடசந்தூர், திண்டுக்கல்.
எ.சித்தூர் ஆதிதிராவிடர் கிளை
அமைப்பாளர் : மு.மகேந்திரவர்மா, ஆதிதிராவிடர் குடியிருப்பு, வேடசந்தூர், திண்டுக்கல்.
துணை அமைப்பாளர்கள் : (1) ச.சித்தாராமன், ஆதிதிராவிடர் குடியிருப்பு, வேடசந்தூர், திண்டுக்கல். (2) ச.பிரபாகரன், ஆதிதிராவிடர் குடியிருப்பு, வேடசந்தூர், திண்டுக்கல். (3) மு.கோபிகண்ணன், ஆதிதிராவிடர் குடியிருப்பு, வேடசந்தூர், திண்டுக்கல்.
